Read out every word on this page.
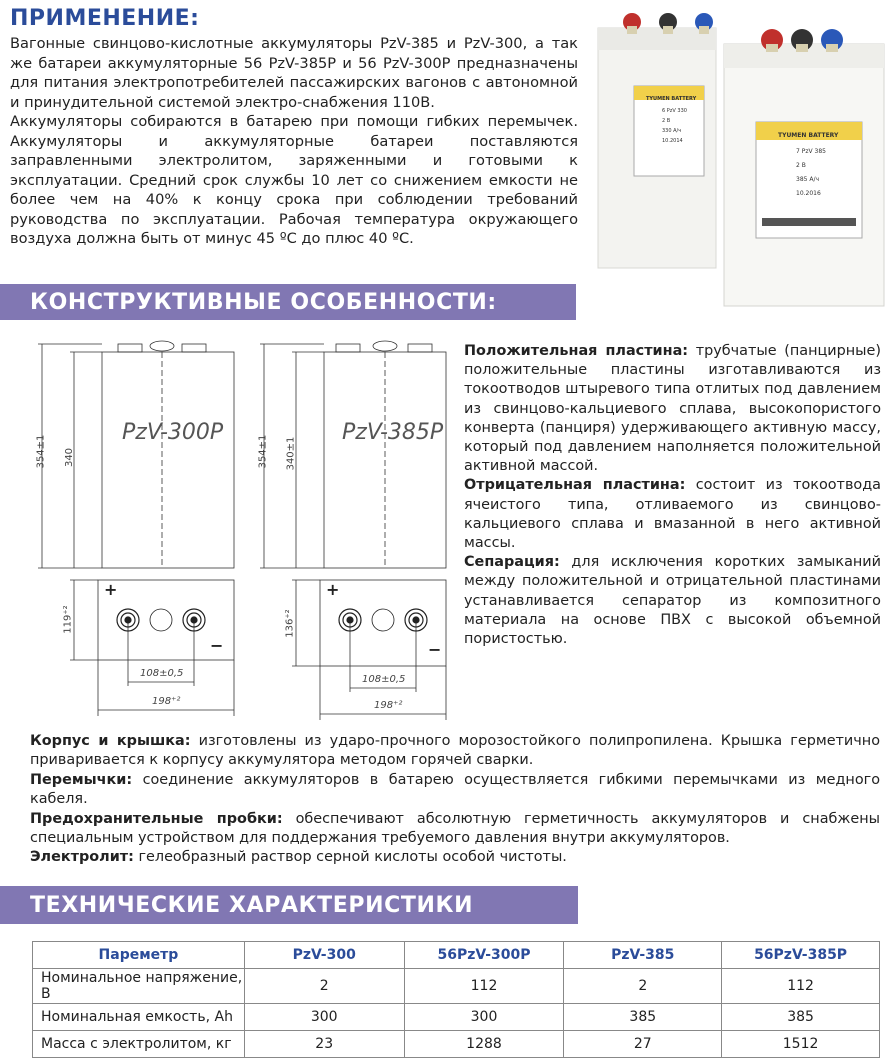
ПРИМЕНЕНИЕ:

Вагонные свинцово-кислотные аккумуляторы PzV-385 и PzV-300, а так же батареи аккумуляторные 56 PzV-385P и 56 PzV-300P предназначены для питания электропотребителей пассажирских вагонов с автономной и принудительной системой электро-снабжения 110В.

Аккумуляторы собираются в батарею при помощи гибких перемычек. Аккумуляторы и аккумуляторные батареи поставляются заправленными электролитом, заряженными и готовыми к эксплуатации. Средний срок службы 10 лет со снижением емкости не более чем на 40% к концу срока при соблюдении требований руководства по эксплуатации. Рабочая температура окружающего воздуха должна быть от минус 45 ºС до плюс 40 ºС.

TYUMEN BATTERY
6 PzV 330
2 В
330 А/ч
10.2014
TYUMEN BATTERY
7 PzV 385
2 В
385 А/ч
10.2016
КОНСТРУКТИВНЫЕ ОСОБЕННОСТИ:
PzV-300P	PzV-385P
354±1 340	354±1 340±1
119⁺²	136⁺²
108±0,5
108±0,5
198⁺²	198⁺²
+
−
+
−

Положительная пластина: трубчатые (панцирные) положительные пластины изготавливаются из токоотводов штыревого типа отлитых под давлением из свинцово-кальциевого сплава, высокопористого конверта (панциря) удерживающего активную массу, который под давлением наполняется положительной активной массой.

Отрицательная пластина: состоит из токоотвода ячеистого типа, отливаемого из свинцово-кальциевого сплава и вмазанной в него активной массы.

Сепарация: для исключения коротких замыканий между положительной и отрицательной пластинами устанавливается сепаратор из композитного материала на основе ПВХ с высокой объемной пористостью.

Корпус и крышка: изготовлены из ударо-прочного морозостойкого полипропилена. Крышка герметично приваривается к корпусу аккумулятора методом горячей сварки.

Перемычки: соединение аккумуляторов в батарею осуществляется гибкими перемычками из медного кабеля.

Предохранительные пробки: обеспечивают абсолютную герметичность аккумуляторов и снабжены специальным устройством для поддержания требуемого давления внутри аккумуляторов.

Электролит: гелеобразный раствор серной кислоты особой чистоты.

ТЕХНИЧЕСКИЕ ХАРАКТЕРИСТИКИ
Пареметр	PzV-300	56PzV-300P	PzV-385	56PzV-385P
Номинальное напряжение, В	2	112	2	112
Номинальная емкость, Ah	300	300	385	385
Масса с электролитом, кг	23	1288	27	1512
